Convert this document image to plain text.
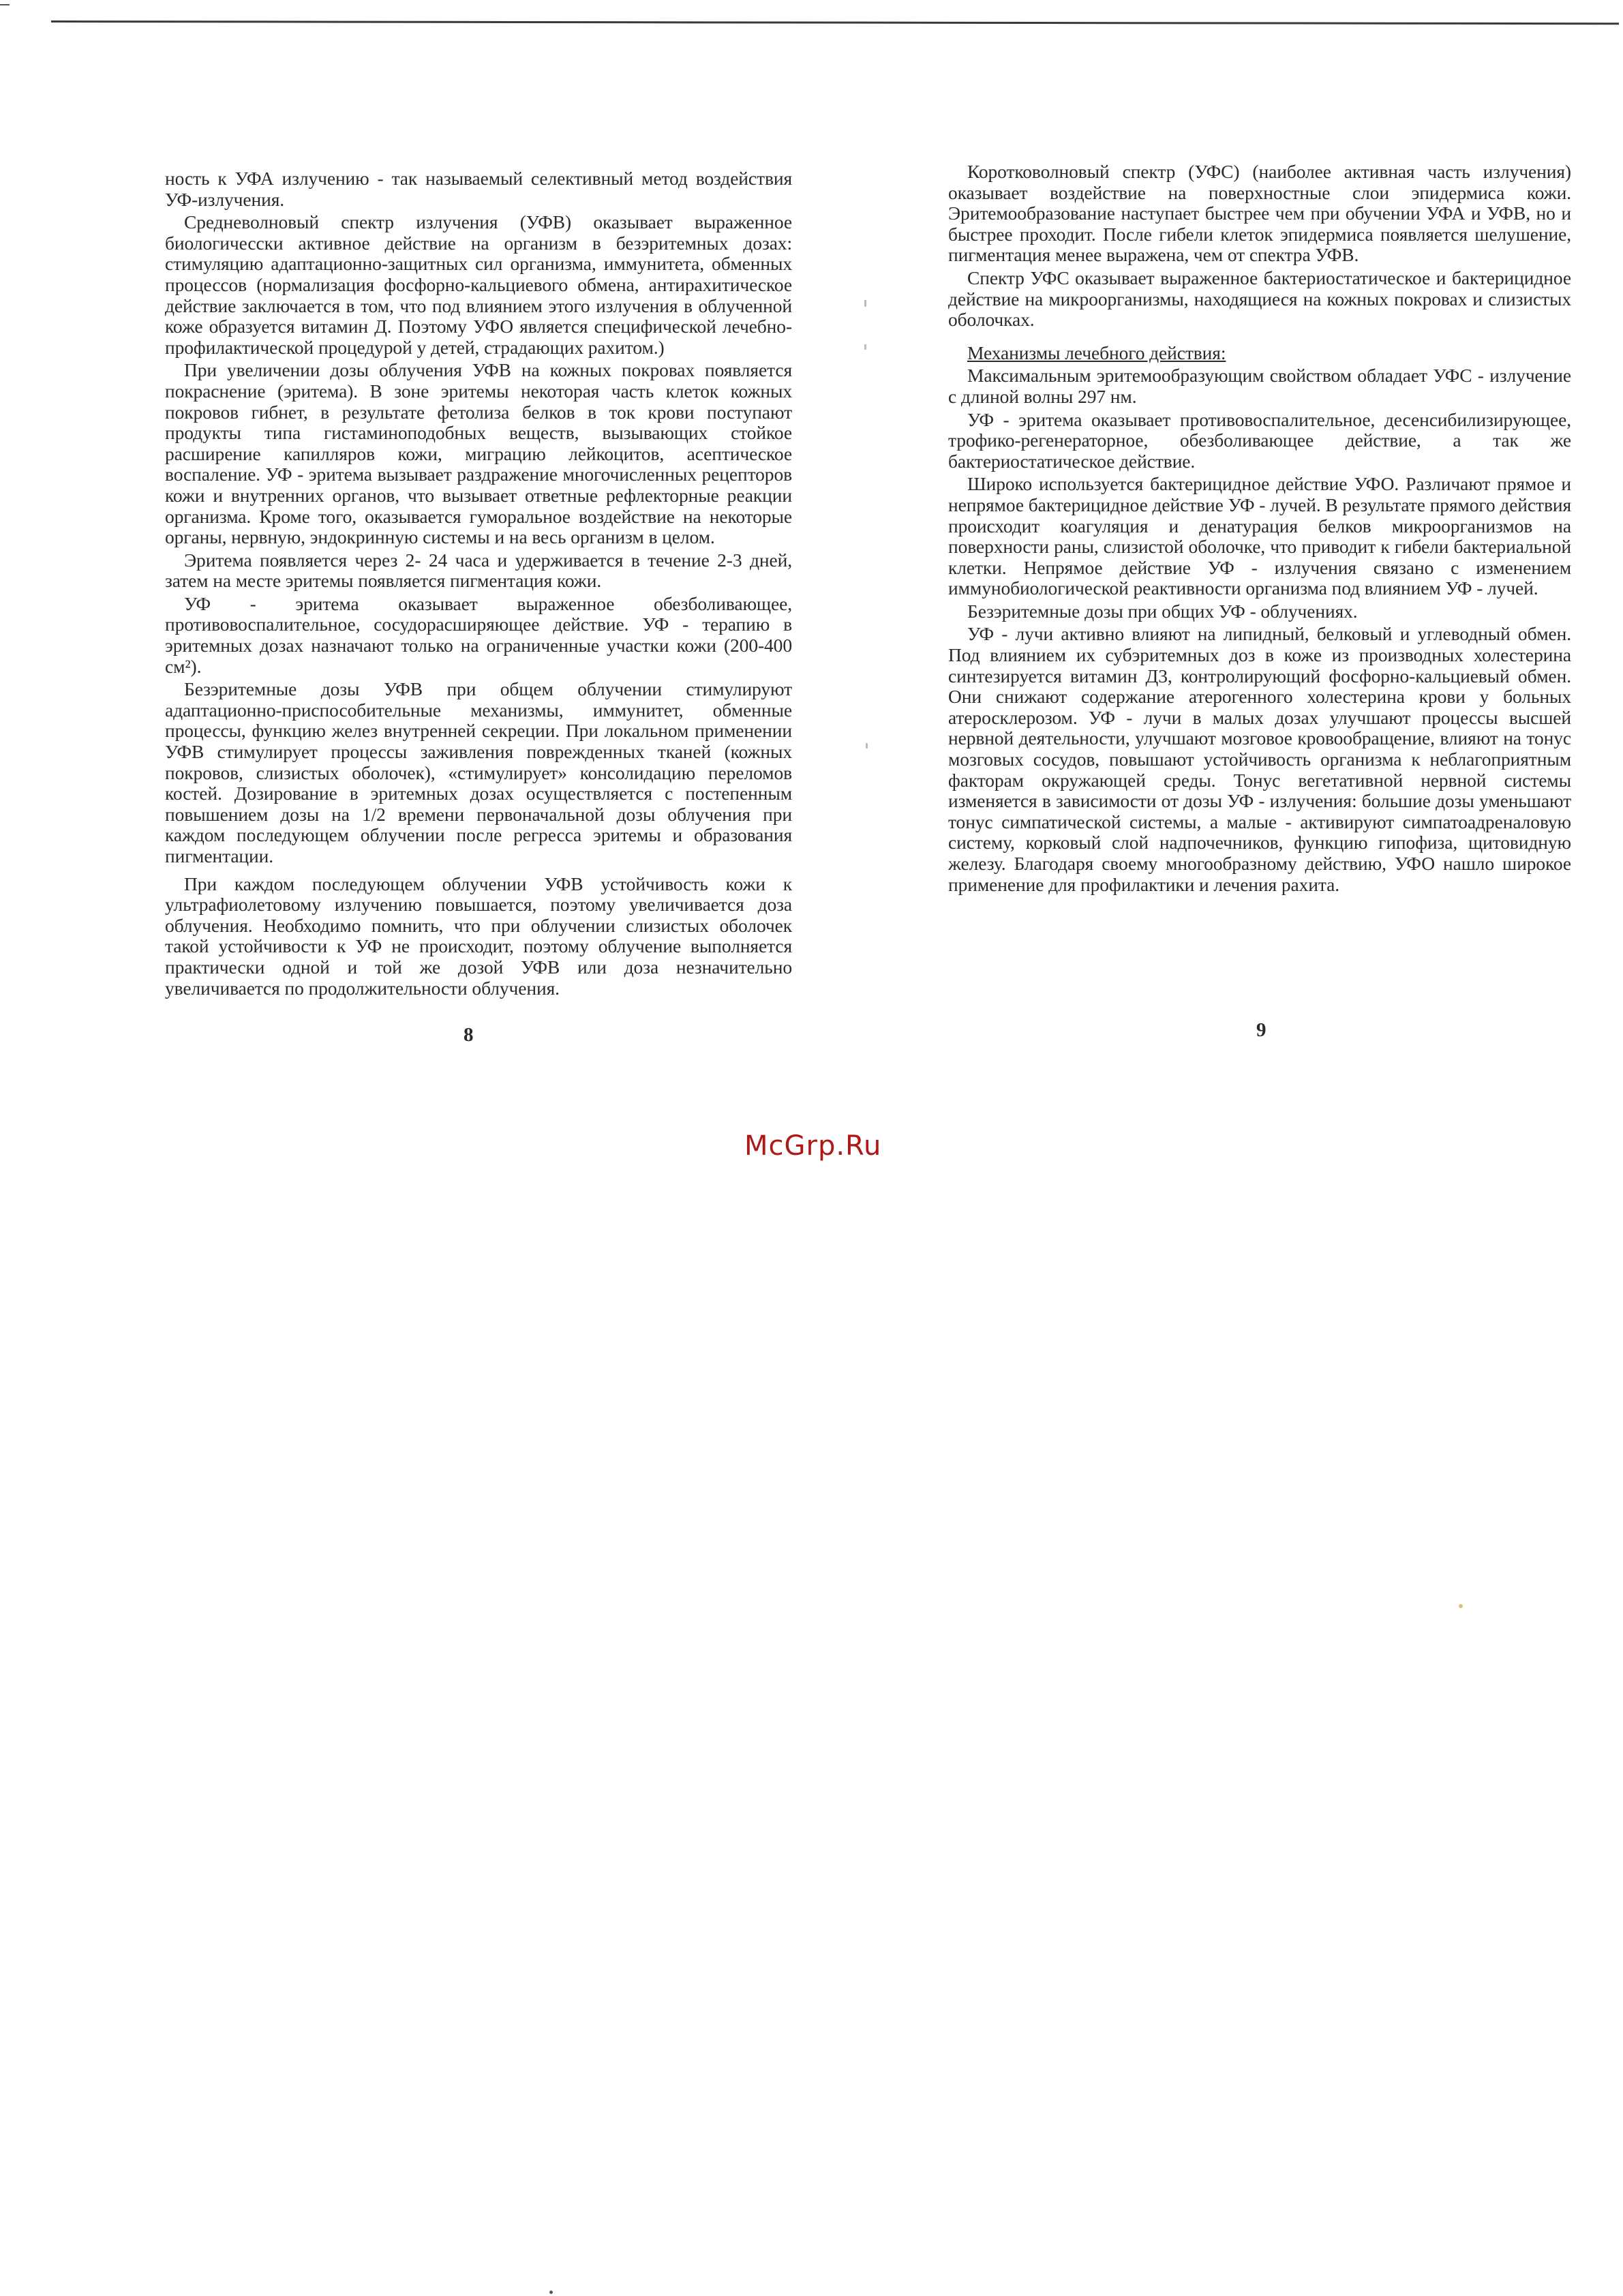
ность к УФА излучению - так называемый селективный метод воздействия УФ-излучения.

Средневолновый спектр излучения (УФВ) оказывает выраженное биологичесски активное действие на организм в безэритемных дозах: стимуляцию адаптационно-защитных сил организма, иммунитета, обменных процессов (нормализация фосфорно-кальциевого обмена, антирахитическое действие заключается в том, что под влиянием этого излучения в облученной коже образуется витамин Д. Поэтому УФО является специфической лечебно-профилактической процедурой у детей, страдающих рахитом.)

При увеличении дозы облучения УФВ на кожных покровах появляется покраснение (эритема). В зоне эритемы некоторая часть клеток кожных покровов гибнет, в результате фетолиза белков в ток крови поступают продукты типа гистаминоподобных веществ, вызывающих стойкое расширение капилляров кожи, миграцию лейкоцитов, асептическое воспаление. УФ - эритема вызывает раздражение многочисленных рецепторов кожи и внутренних органов, что вызывает ответные рефлекторные реакции организма. Кроме того, оказывается гуморальное воздействие на некоторые органы, нервную, эндокринную системы и на весь организм в целом.

Эритема появляется через 2- 24 часа и удерживается в течение 2-3 дней, затем на месте эритемы появляется пигментация кожи.

УФ - эритема оказывает выраженное обезболивающее, противовоспалительное, сосудорасширяющее действие. УФ - терапию в эритемных дозах назначают только на ограниченные участки кожи (200-400 см²).

Безэритемные дозы УФВ при общем облучении стимулируют адаптационно-приспособительные механизмы, иммунитет, обменные процессы, функцию желез внутренней секреции. При локальном применении УФВ стимулирует процессы заживления поврежденных тканей (кожных покровов, слизистых оболочек), «стимулирует» консолидацию переломов костей. Дозирование в эритемных дозах осуществляется с постепенным повышением дозы на 1/2 времени первоначальной дозы облучения при каждом последующем облучении после регресса эритемы и образования пигментации.

При каждом последующем облучении УФВ устойчивость кожи к ультрафиолетовому излучению повышается, поэтому увеличивается доза облучения. Необходимо помнить, что при облучении слизистых оболочек такой устойчивости к УФ не происходит, поэтому облучение выполняется практически одной и той же дозой УФВ или доза незначительно увеличивается по продолжительности облучения.

8

Коротковолновый спектр (УФС) (наиболее активная часть излучения) оказывает воздействие на поверхностные слои эпидермиса кожи. Эритемообразование наступает быстрее чем при обучении УФА и УФВ, но и быстрее проходит. После гибели клеток эпидермиса появляется шелушение, пигментация менее выражена, чем от спектра УФВ.

Спектр УФС оказывает выраженное бактериостатическое и бактерицидное действие на микроорганизмы, находящиеся на кожных покровах и слизистых оболочках.

Механизмы лечебного действия:

Максимальным эритемообразующим свойством обладает УФС - излучение с длиной волны 297 нм.

УФ - эритема оказывает противовоспалительное, десенсибилизирующее, трофико-регенераторное, обезболивающее действие, а так же бактериостатическое действие.

Широко используется бактерицидное действие УФО. Различают прямое и непрямое бактерицидное действие УФ - лучей. В результате прямого действия происходит коагуляция и денатурация белков микроорганизмов на поверхности раны, слизистой оболочке, что приводит к гибели бактериальной клетки. Непрямое действие УФ - излучения связано с изменением иммунобиологической реактивности организма под влиянием УФ - лучей.

Безэритемные дозы при общих УФ - облучениях.

УФ - лучи активно влияют на липидный, белковый и углеводный обмен. Под влиянием их субэритемных доз в коже из производных холестерина синтезируется витамин Д3, контролирующий фосфорно-кальциевый обмен. Они снижают содержание атерогенного холестерина крови у больных атеросклерозом. УФ - лучи в малых дозах улучшают процессы высшей нервной деятельности, улучшают мозговое кровообращение, влияют на тонус мозговых сосудов, повышают устойчивость организма к неблагоприятным факторам окружающей среды. Тонус вегетативной нервной системы изменяется в зависимости от дозы УФ - излучения: большие дозы уменьшают тонус симпатической системы, а малые - активируют симпатоадреналовую систему, корковый слой надпочечников, функцию гипофиза, щитовидную железу. Благодаря своему многообразному действию, УФО нашло широкое применение для профилактики и лечения рахита.

9
McGrp.Ru
